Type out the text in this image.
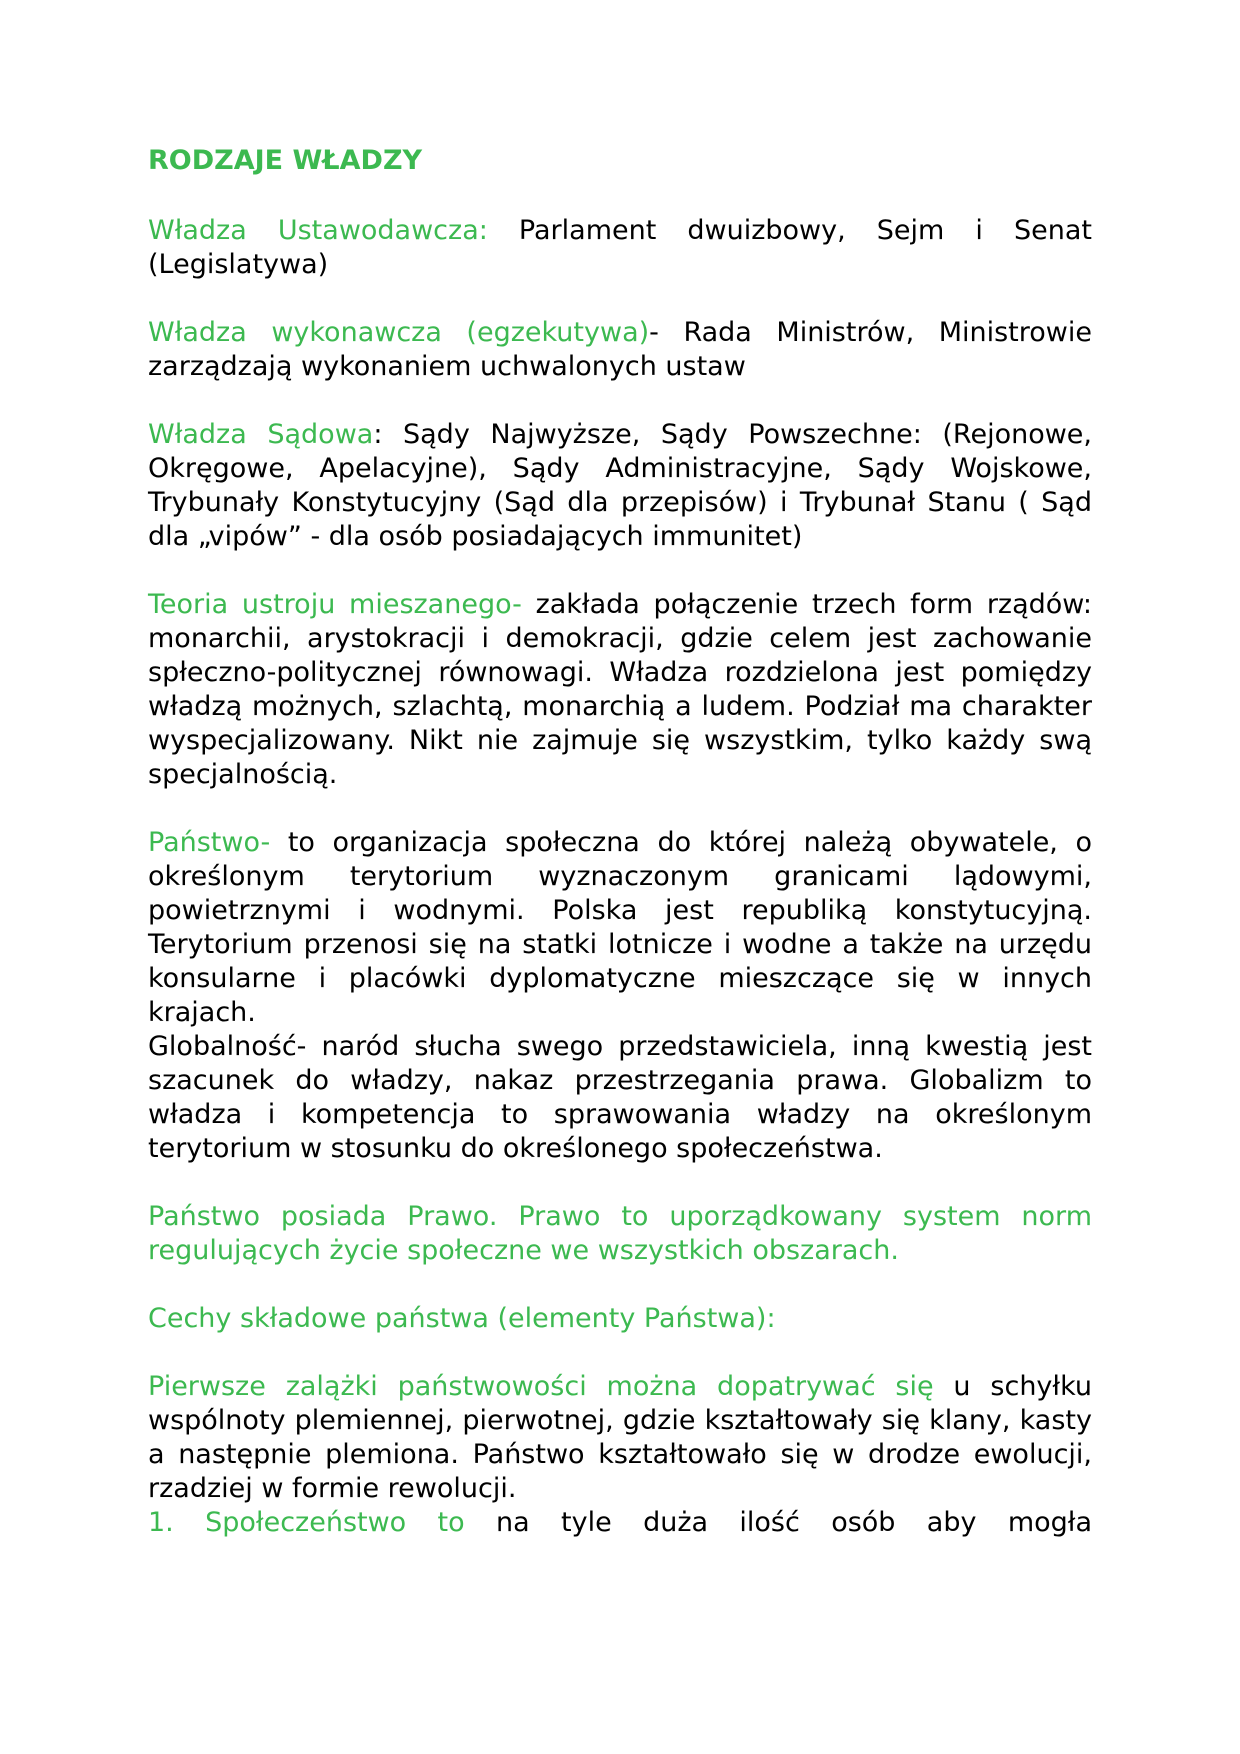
RODZAJE WŁADZY

Władza Ustawodawcza: Parlament dwuizbowy, Sejm i Senat (Legislatywa)

Władza wykonawcza (egzekutywa)- Rada Ministrów, Ministrowie zarządzają wykonaniem uchwalonych ustaw

Władza Sądowa: Sądy Najwyższe, Sądy Powszechne: (Rejonowe, Okręgowe, Apelacyjne), Sądy Administracyjne, Sądy Wojskowe, Trybunały Konstytucyjny (Sąd dla przepisów) i Trybunał Stanu ( Sąd dla „vipów” - dla osób posiadających immunitet)

Teoria ustroju mieszanego- zakłada połączenie trzech form rządów: monarchii, arystokracji i demokracji, gdzie celem jest zachowanie spłeczno-politycznej równowagi. Władza rozdzielona jest pomiędzy władzą możnych, szlachtą, monarchią a ludem. Podział ma charakter wyspecjalizowany. Nikt nie zajmuje się wszystkim, tylko każdy swą specjalnością.

Państwo- to organizacja społeczna do której należą obywatele, o określonym terytorium wyznaczonym granicami lądowymi, powietrznymi i wodnymi. Polska jest republiką konstytucyjną. Terytorium przenosi się na statki lotnicze i wodne a także na urzędu konsularne i placówki dyplomatyczne mieszczące się w innych krajach.

Globalność- naród słucha swego przedstawiciela, inną kwestią jest szacunek do władzy, nakaz przestrzegania prawa. Globalizm to władza i kompetencja to sprawowania władzy na określonym terytorium w stosunku do określonego społeczeństwa.

Państwo posiada Prawo. Prawo to uporządkowany system norm regulujących życie społeczne we wszystkich obszarach.

Cechy składowe państwa (elementy Państwa):

Pierwsze zalążki państwowości można dopatrywać się u schyłku wspólnoty plemiennej, pierwotnej, gdzie kształtowały się klany, kasty a następnie plemiona. Państwo kształtowało się w drodze ewolucji, rzadziej w formie rewolucji.

1. Społeczeństwo to na tyle duża ilość osób aby mogła
